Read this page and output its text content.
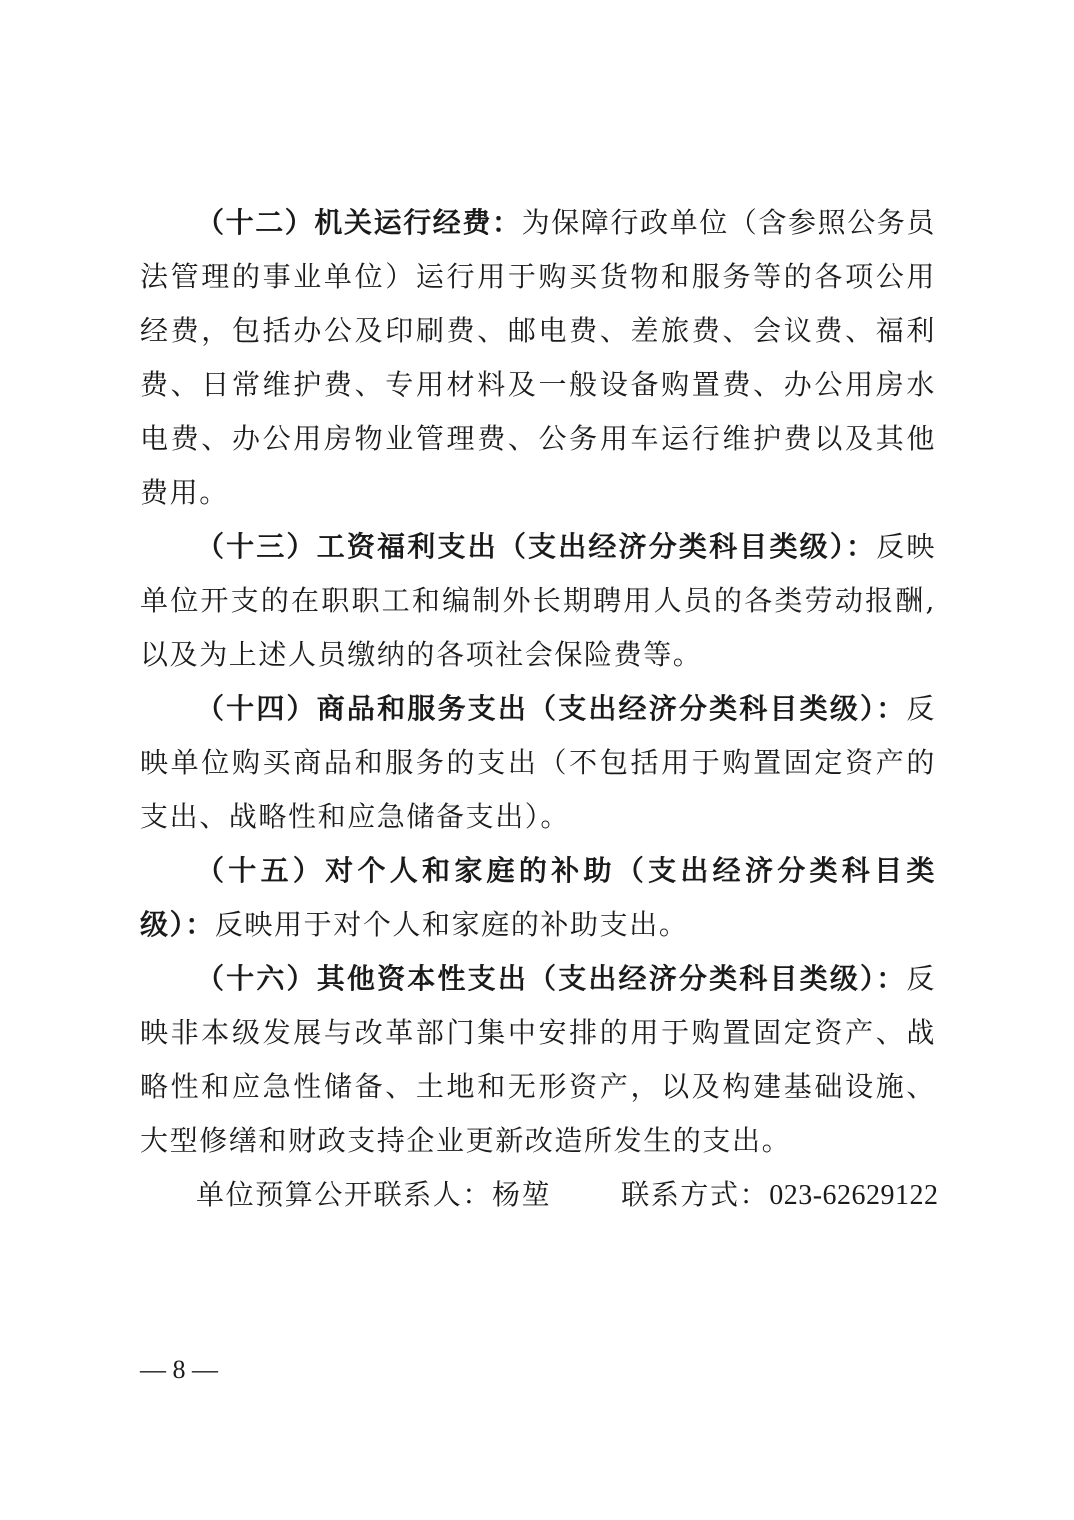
（十二）机关运行经费：为保障行政单位（含参照公务员法管理的事业单位）运行用于购买货物和服务等的各项公用经费，包括办公及印刷费、邮电费、差旅费、会议费、福利费、日常维护费、专用材料及一般设备购置费、办公用房水电费、办公用房物业管理费、公务用车运行维护费以及其他费用。

（十三）工资福利支出（支出经济分类科目类级）：反映单位开支的在职职工和编制外长期聘用人员的各类劳动报酬,以及为上述人员缴纳的各项社会保险费等。

（十四）商品和服务支出（支出经济分类科目类级）：反映单位购买商品和服务的支出（不包括用于购置固定资产的支出、战略性和应急储备支出）。

（十五）对个人和家庭的补助（支出经济分类科目类级）：反映用于对个人和家庭的补助支出。

（十六）其他资本性支出（支出经济分类科目类级）：反映非本级发展与改革部门集中安排的用于购置固定资产、战略性和应急性储备、土地和无形资产，以及构建基础设施、大型修缮和财政支持企业更新改造所发生的支出。

单位预算公开联系人：杨堃	联系方式：023-62629122

— 8 —
